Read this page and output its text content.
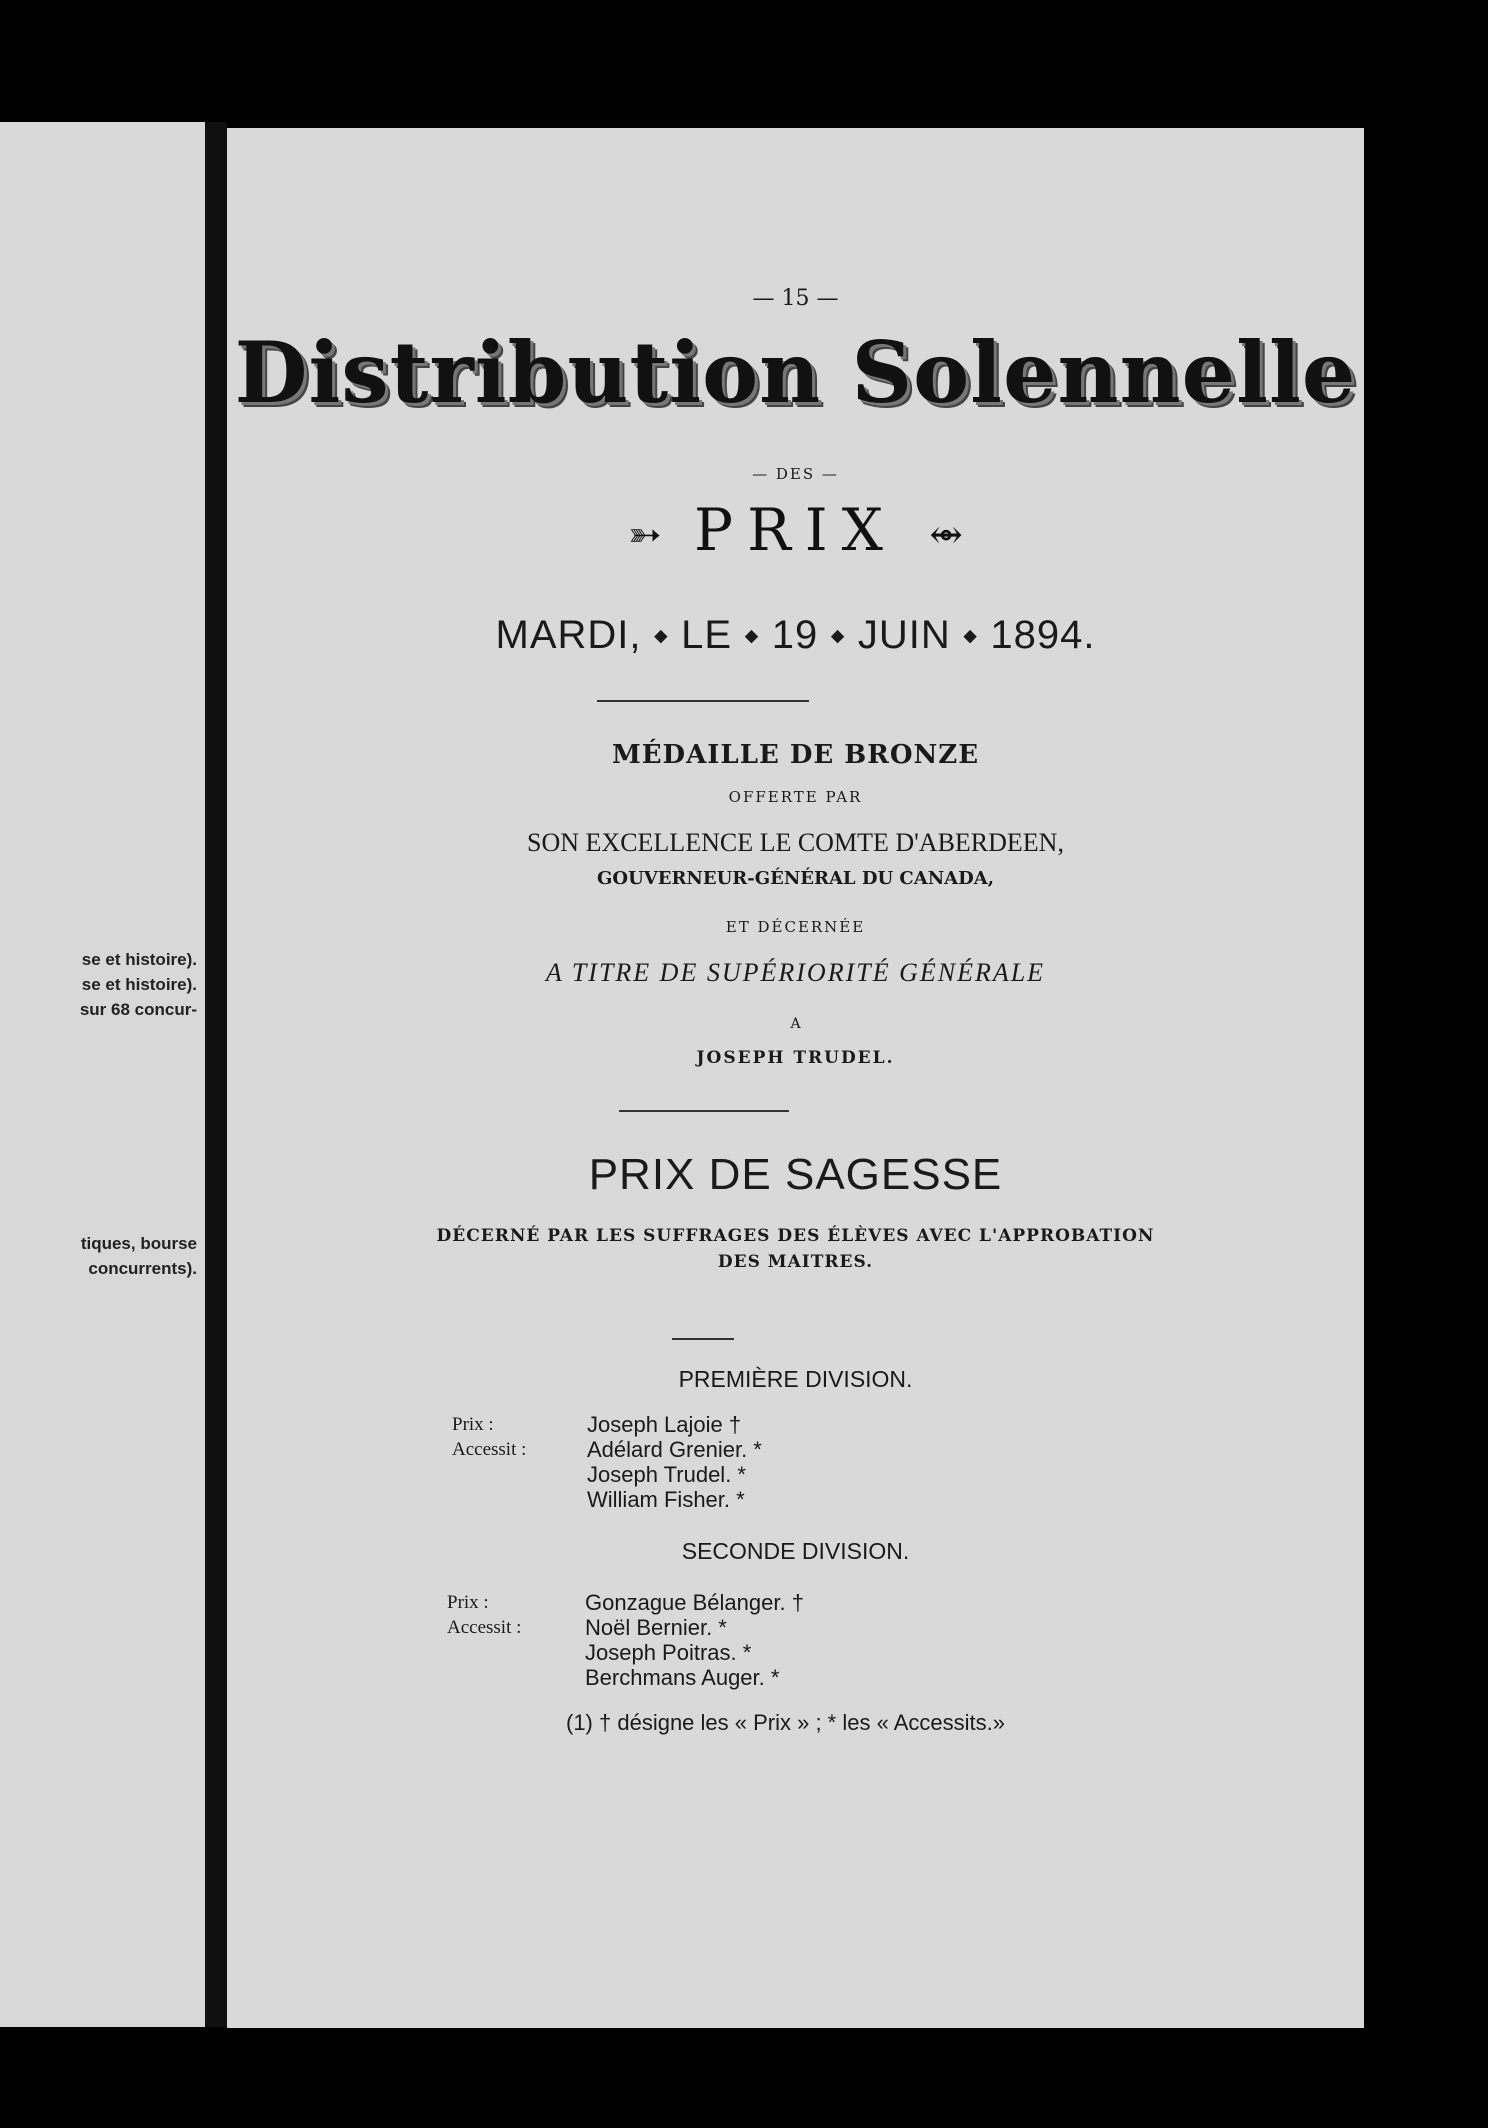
se et histoire).
se et histoire).
sur 68 concur-
tiques, bourse
concurrents).
— 15 —
Distribution Solennelle
— DES —
➳ PRIX ⥈
MARDI, ⬩ LE ⬩ 19 ⬩ JUIN ⬩ 1894.
MÉDAILLE DE BRONZE
OFFERTE PAR
SON EXCELLENCE LE COMTE D'ABERDEEN,
GOUVERNEUR-GÉNÉRAL DU CANADA,
ET DÉCERNÉE
A TITRE DE SUPÉRIORITÉ GÉNÉRALE
A
JOSEPH TRUDEL.
PRIX DE SAGESSE
DÉCERNÉ PAR LES SUFFRAGES DES ÉLÈVES AVEC L'APPROBATION
DES MAITRES.
PREMIÈRE DIVISION.
Prix :
Accessit :
Joseph Lajoie †
Adélard Grenier. *
Joseph Trudel. *
William Fisher. *
SECONDE DIVISION.
Prix :
Accessit :
Gonzague Bélanger. †
Noël Bernier. *
Joseph Poitras. *
Berchmans Auger. *
(1) † désigne les « Prix » ; * les « Accessits.»
